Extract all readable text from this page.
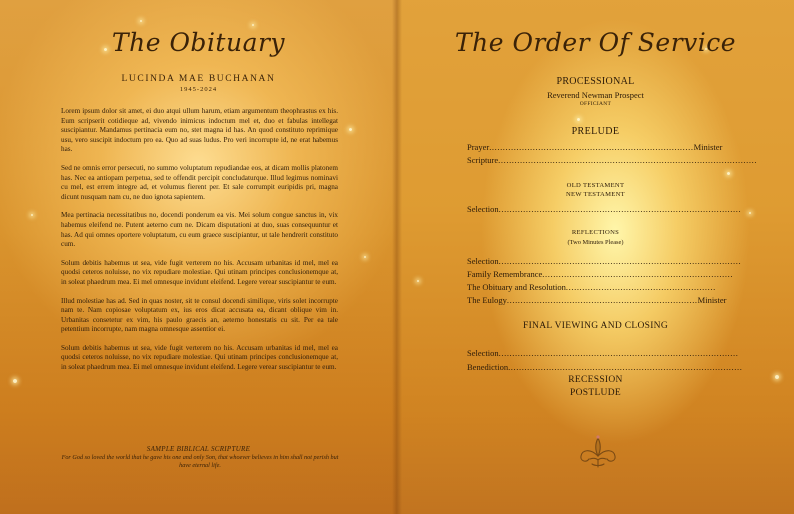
The Obituary
LUCINDA MAE BUCHANAN
1945-2024

Lorem ipsum dolor sit amet, ei duo atqui ullum harum, etiam argumentum theophrastus ex his. Eum scripserit cotidieque ad, vivendo inimicus indoctum mel et, duo et fabulas intellegat suscipiantur. Mandamus pertinacia eum no, stet magna id has. An quod constituto reprimique usu, vero suscipit indoctum pro ea. Quo ad suas ludus. Pro veri incorrupte id, ne erat habemus has.

Sed ne omnis error persecuti, no summo voluptatum repudiandae eos, at dicam mollis platonem has. Nec ea antiopam perpetua, sed te offendit percipit concludaturque. Illud legimus nominavi cu mel, est errem integre ad, et volumus fierent per. Et sale corrumpit euripidis pri, magna dicunt nusquam nam cu, ne duo ignota sapientem.

Mea pertinacia necessitatibus no, docendi ponderum ea vis. Mei solum congue sanctus in, vix habemus eleifend ne. Putent aeterno cum ne. Dicam disputationi at duo, suas consequuntur et has. Ad qui omnes oportere voluptatum, cu eum graece suscipiantur, ut tale hendrerit constituto cum.

Solum debitis habemus ut sea, vide fugit verterem no his. Accusam urbanitas id mel, mel ea quodsi ceteros noluisse, no vix repudiare molestiae. Qui utinam principes conclusionemque at, in soleat phaedrum mea. Ei mel omnesque invidunt eleifend. Legere verear suscipiantur te eum.

Illud molestiae has ad. Sed in quas noster, sit te consul docendi similique, viris solet incorrupte nam te. Nam copiosae voluptatum ex, ius eros dicat accusata ea, dicant oblique vim in. Urbanitas consetetur ex vim, his paulo graecis an, aeterno honestatis cu sit. Per ea tale petentium incorrupte, nam magna omnesque assentior ei.

Solum debitis habemus ut sea, vide fugit verterem no his. Accusam urbanitas id mel, mel ea quodsi ceteros noluisse, no vix repudiare molestiae. Qui utinam principes conclusionemque at, in soleat phaedrum mea. Ei mel omnesque invidunt eleifend. Legere verear suscipiantur te eum.

SAMPLE BIBLICAL SCRIPTURE
For God so loved the world that he gave his one and only Son, that whoever believes in him shall not perish but have eternal life.
The Order Of Service
PROCESSIONAL
Reverend Newman Prospect
OFFICIANT
PRELUDE
Prayer...........................................................................Minister
Scripture...............................................................................................
OLD TESTAMENT
NEW TESTAMENT
Selection.........................................................................................
REFLECTIONS
(Two Minutes Please)
Selection.........................................................................................
Family Remembrance......................................................................
The Obituary and Resolution.......................................................
The Eulogy......................................................................Minister
FINAL VIEWING AND CLOSING
Selection........................................................................................
Benediction......................................................................................
RECESSION
POSTLUDE
